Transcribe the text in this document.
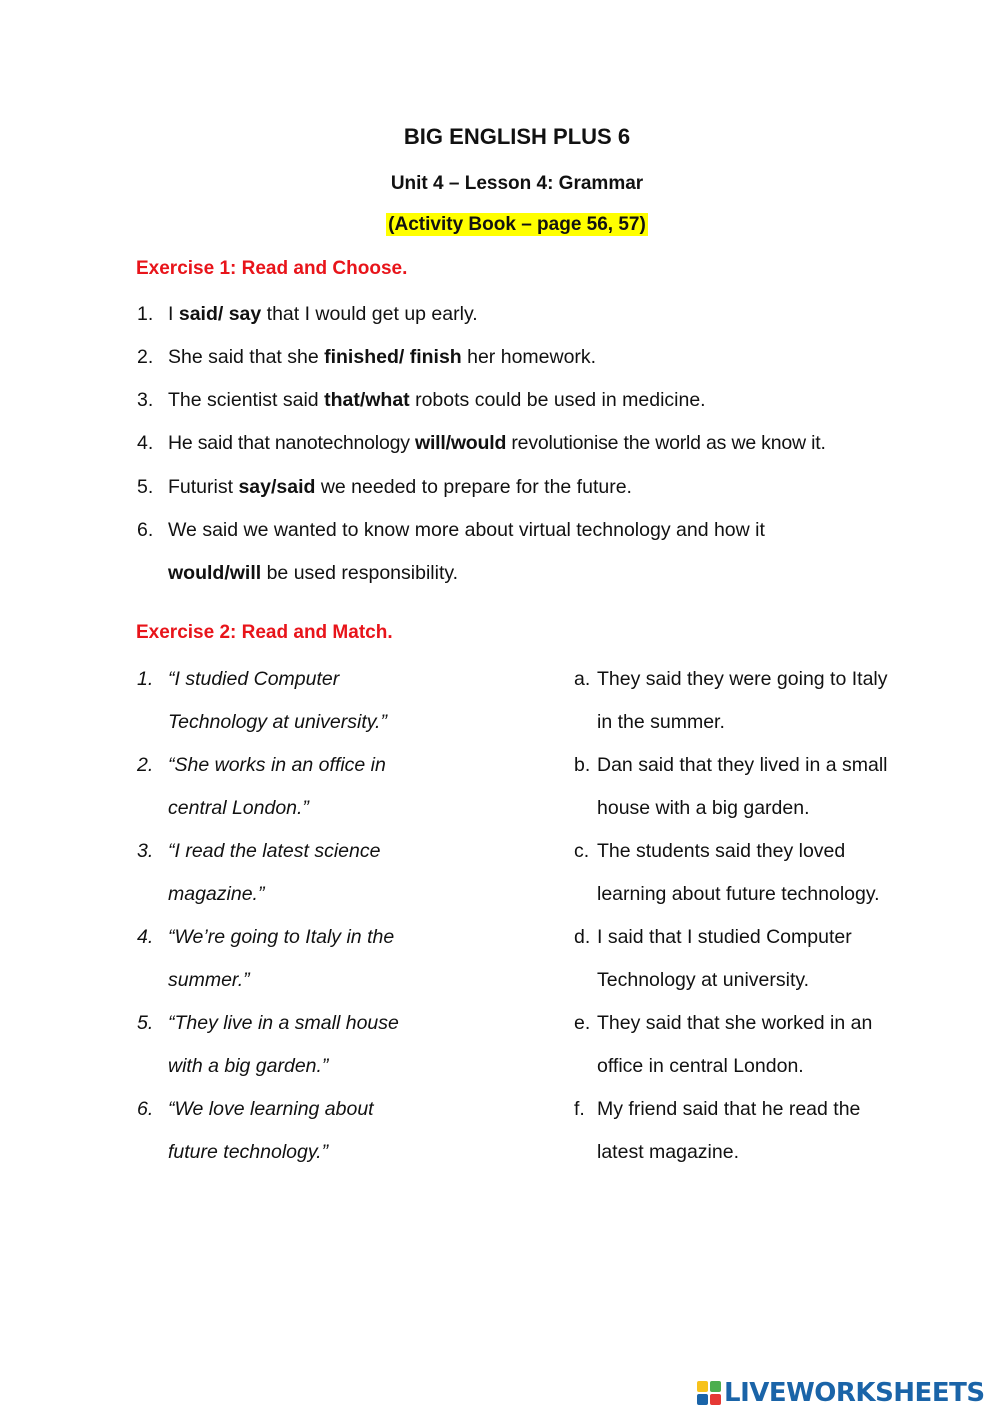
BIG ENGLISH PLUS 6
Unit 4 – Lesson 4: Grammar
(Activity Book – page 56, 57)
Exercise 1: Read and Choose.
1. I said/ say that I would get up early.
2. She said that she finished/ finish her homework.
3. The scientist said that/what robots could be used in medicine.
4. He said that nanotechnology will/would revolutionise the world as we know it.
5. Futurist say/said we needed to prepare for the future.
6. We said we wanted to know more about virtual technology and how it
would/will be used responsibility.
Exercise 2: Read and Match.
1. “I studied Computer
Technology at university.”
2. “She works in an office in
central London.”
3. “I read the latest science
magazine.”
4. “We’re going to Italy in the
summer.”
5. “They live in a small house
with a big garden.”
6. “We love learning about
future technology.”
a. They said they were going to Italy
in the summer.
b. Dan said that they lived in a small
house with a big garden.
c. The students said they loved
learning about future technology.
d. I said that I studied Computer
Technology at university.
e. They said that she worked in an
office in central London.
f. My friend said that he read the
latest magazine.
LIVEWORKSHEETS
